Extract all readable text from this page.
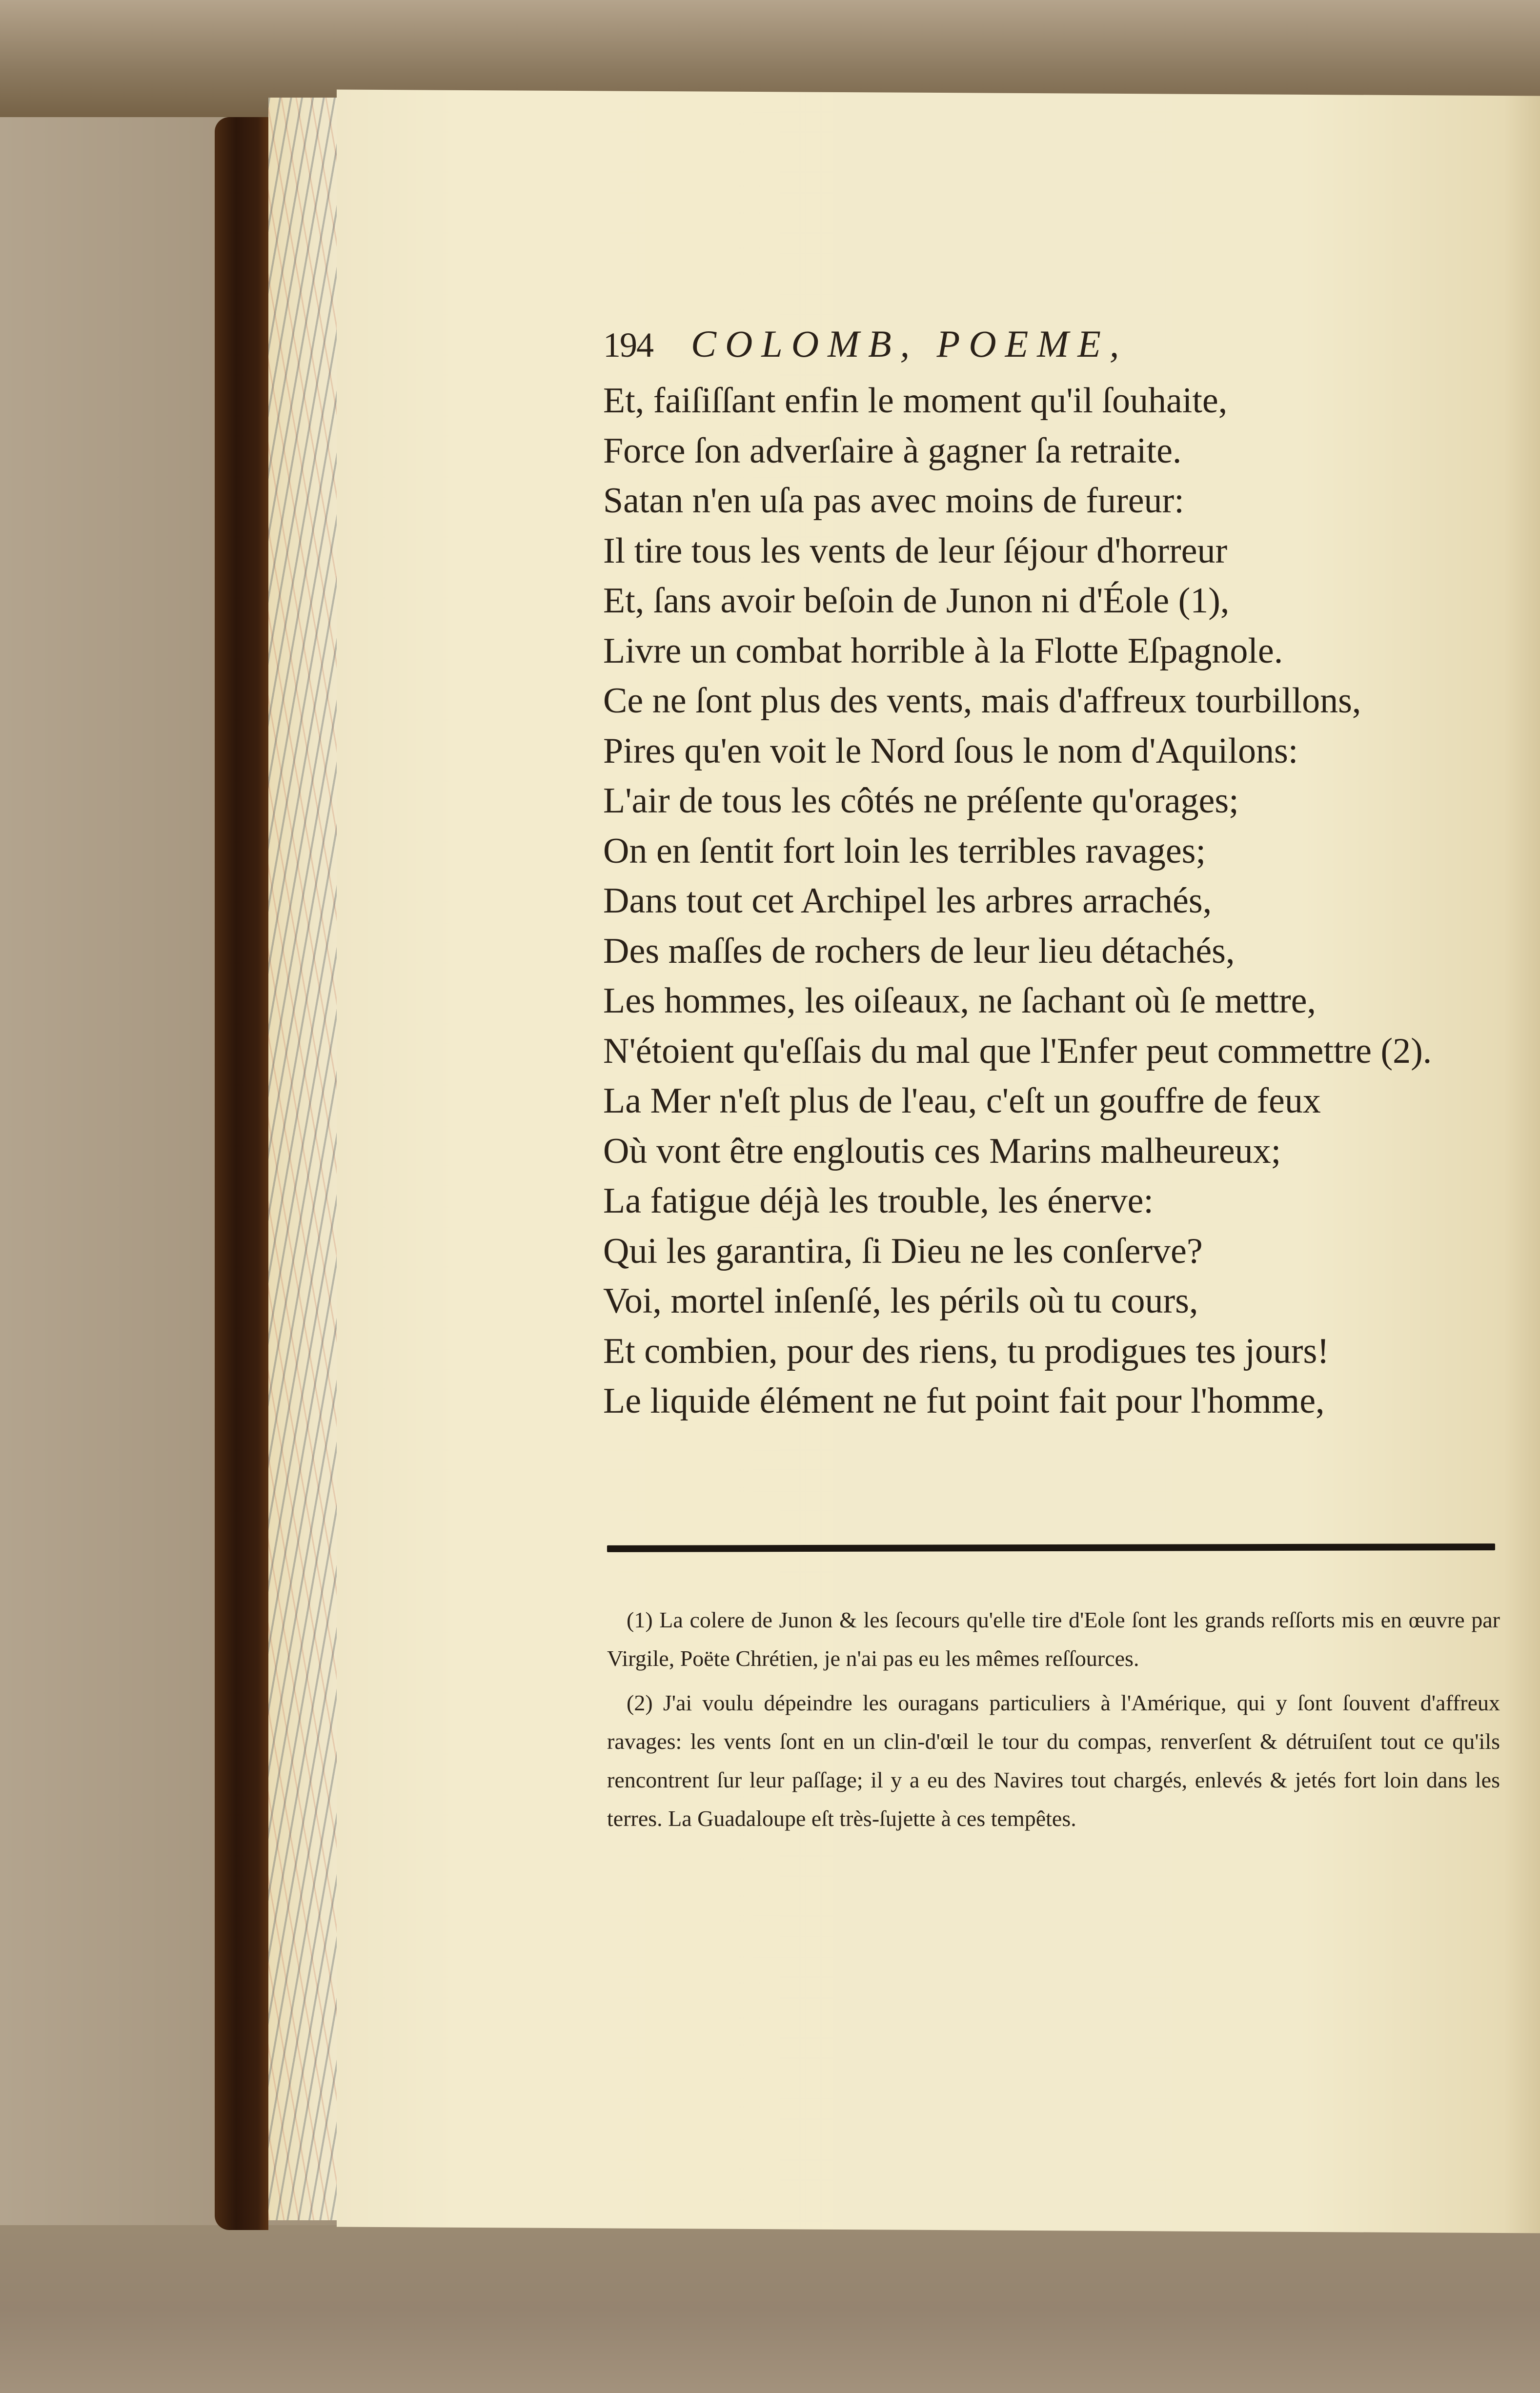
194	COLOMB, POEME,
Et, faiſiſſant enfin le moment qu'il ſouhaite,
Force ſon adverſaire à gagner ſa retraite.
Satan n'en uſa pas avec moins de fureur:
Il tire tous les vents de leur ſéjour d'horreur
Et, ſans avoir beſoin de Junon ni d'Éole (1),
Livre un combat horrible à la Flotte Eſpagnole.
Ce ne ſont plus des vents, mais d'affreux tourbillons,
Pires qu'en voit le Nord ſous le nom d'Aquilons:
L'air de tous les côtés ne préſente qu'orages;
On en ſentit fort loin les terribles ravages;
Dans tout cet Archipel les arbres arrachés,
Des maſſes de rochers de leur lieu détachés,
Les hommes, les oiſeaux, ne ſachant où ſe mettre,
N'étoient qu'eſſais du mal que l'Enfer peut commettre (2).
La Mer n'eſt plus de l'eau, c'eſt un gouffre de feux
Où vont être engloutis ces Marins malheureux;
La fatigue déjà les trouble, les énerve:
Qui les garantira, ſi Dieu ne les conſerve?
Voi, mortel inſenſé, les périls où tu cours,
Et combien, pour des riens, tu prodigues tes jours!
Le liquide élément ne fut point fait pour l'homme,

(1) La colere de Junon & les ſecours qu'elle tire d'Eole ſont les grands reſſorts mis en œuvre par Virgile, Poëte Chrétien, je n'ai pas eu les mêmes reſſources.

(2) J'ai voulu dépeindre les ouragans particuliers à l'Amérique, qui y ſont ſouvent d'affreux ravages: les vents ſont en un clin-d'œil le tour du compas, renverſent & détruiſent tout ce qu'ils rencontrent ſur leur paſſage; il y a eu des Navires tout chargés, enlevés & jetés fort loin dans les terres. La Guadaloupe eſt très-ſujette à ces tempêtes.
